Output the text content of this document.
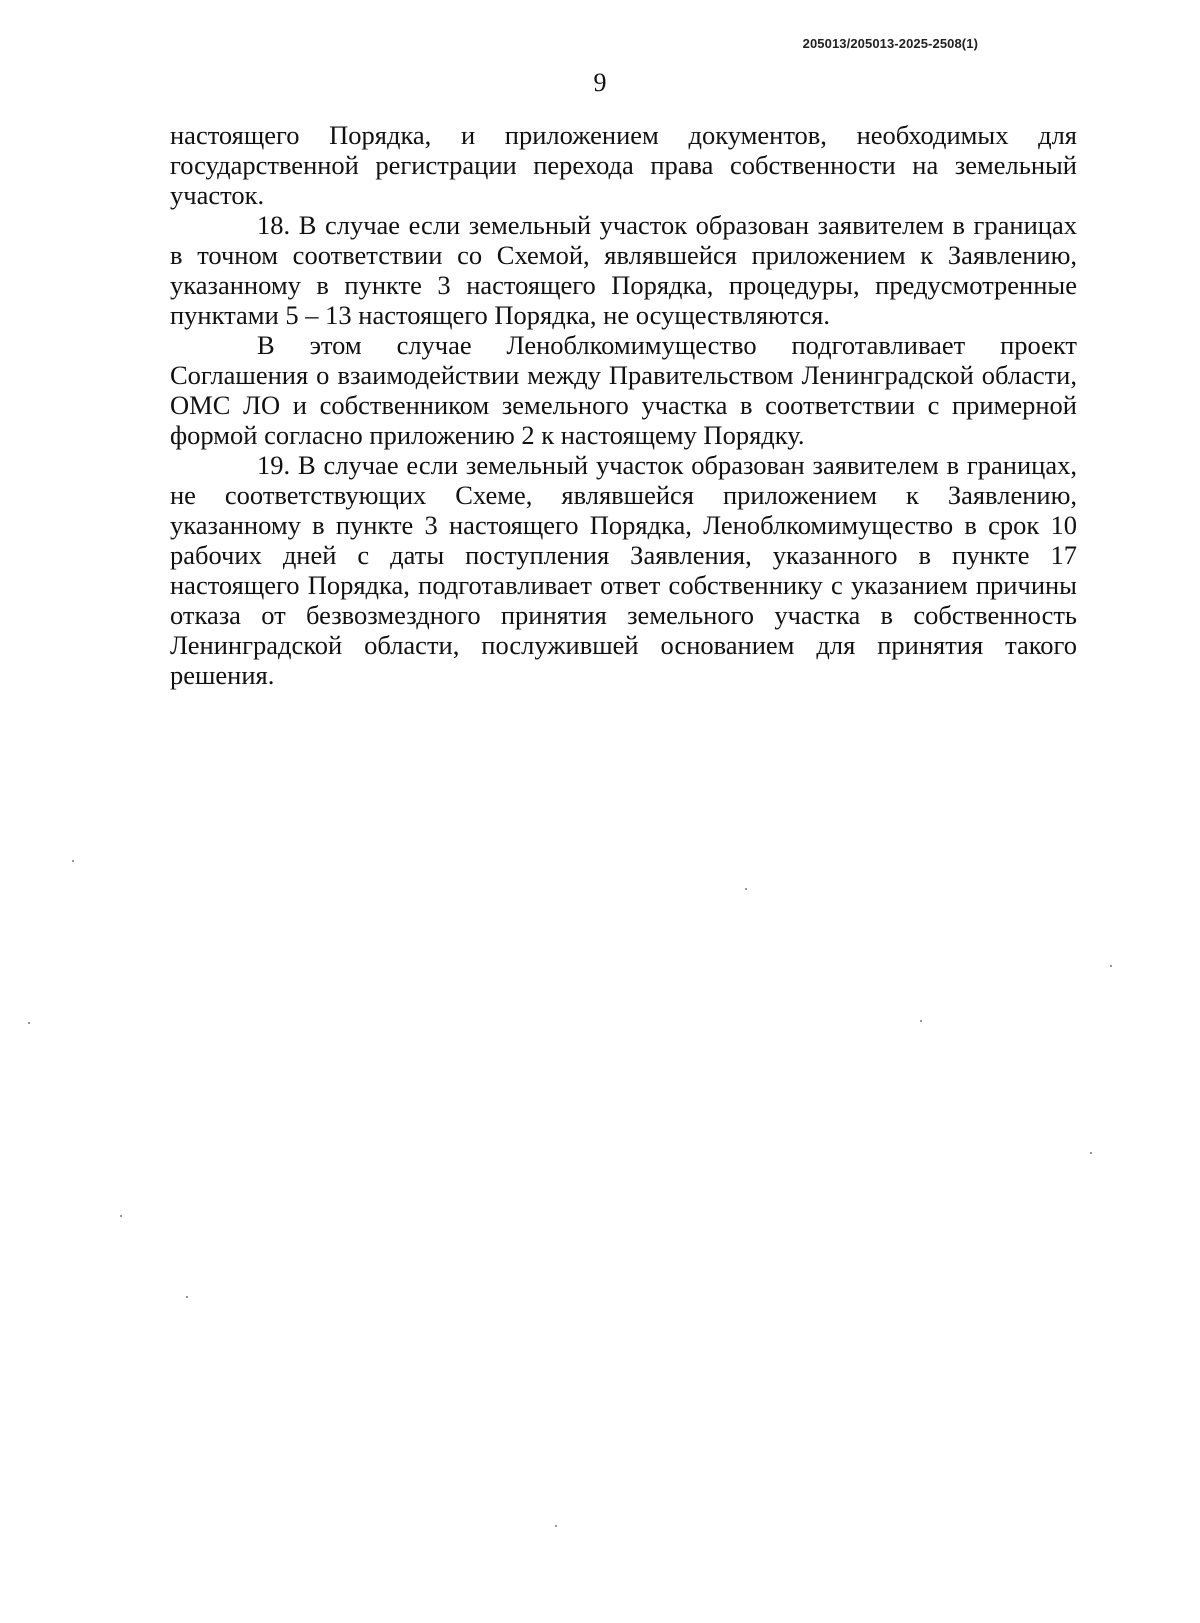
205013/205013-2025-2508(1)
9

настоящего Порядка, и приложением документов, необходимых для государственной регистрации перехода права собственности на земельный участок.

18. В случае если земельный участок образован заявителем в границах в точном соответствии со Схемой, являвшейся приложением к Заявлению, указанному в пункте 3 настоящего Порядка, процедуры, предусмотренные пунктами 5 – 13 настоящего Порядка, не осуществляются.

В этом случае Леноблкомимущество подготавливает проект Соглашения о взаимодействии между Правительством Ленинградской области, ОМС ЛО и собственником земельного участка в соответствии с примерной формой согласно приложению 2 к настоящему Порядку.

19. В случае если земельный участок образован заявителем в границах, не соответствующих Схеме, являвшейся приложением к Заявлению, указанному в пункте 3 настоящего Порядка, Леноблкомимущество в срок 10 рабочих дней с даты поступления Заявления, указанного в пункте 17 настоящего Порядка, подготавливает ответ собственнику с указанием причины отказа от безвозмездного принятия земельного участка в собственность Ленинградской области, послужившей основанием для принятия такого решения.
